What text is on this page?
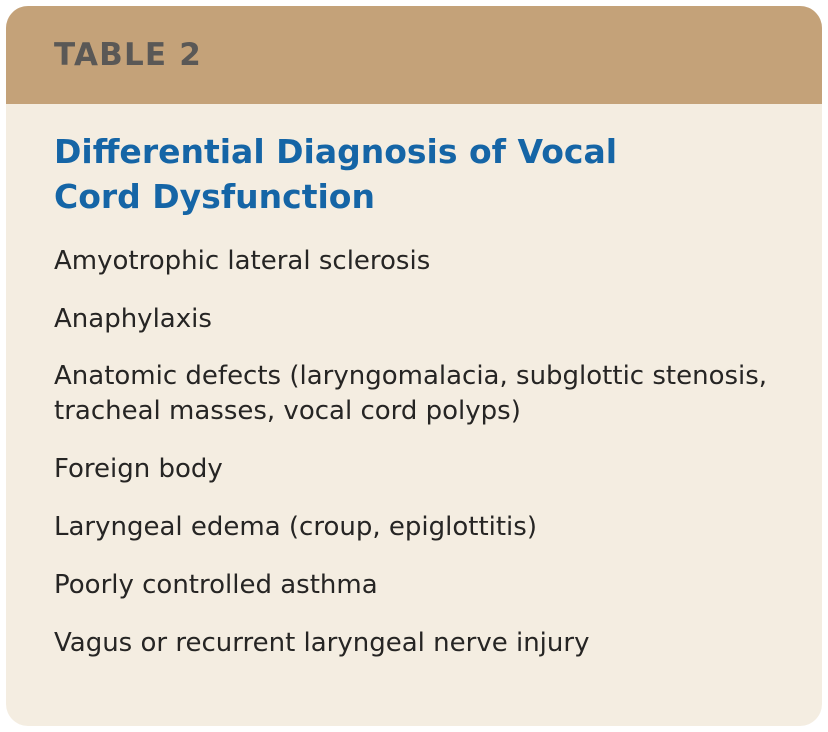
TABLE 2
Differential Diagnosis of Vocal Cord Dysfunction
Amyotrophic lateral sclerosis
Anaphylaxis
Anatomic defects (laryngomalacia, subglottic stenosis, tracheal masses, vocal cord polyps)
Foreign body
Laryngeal edema (croup, epiglottitis)
Poorly controlled asthma
Vagus or recurrent laryngeal nerve injury
